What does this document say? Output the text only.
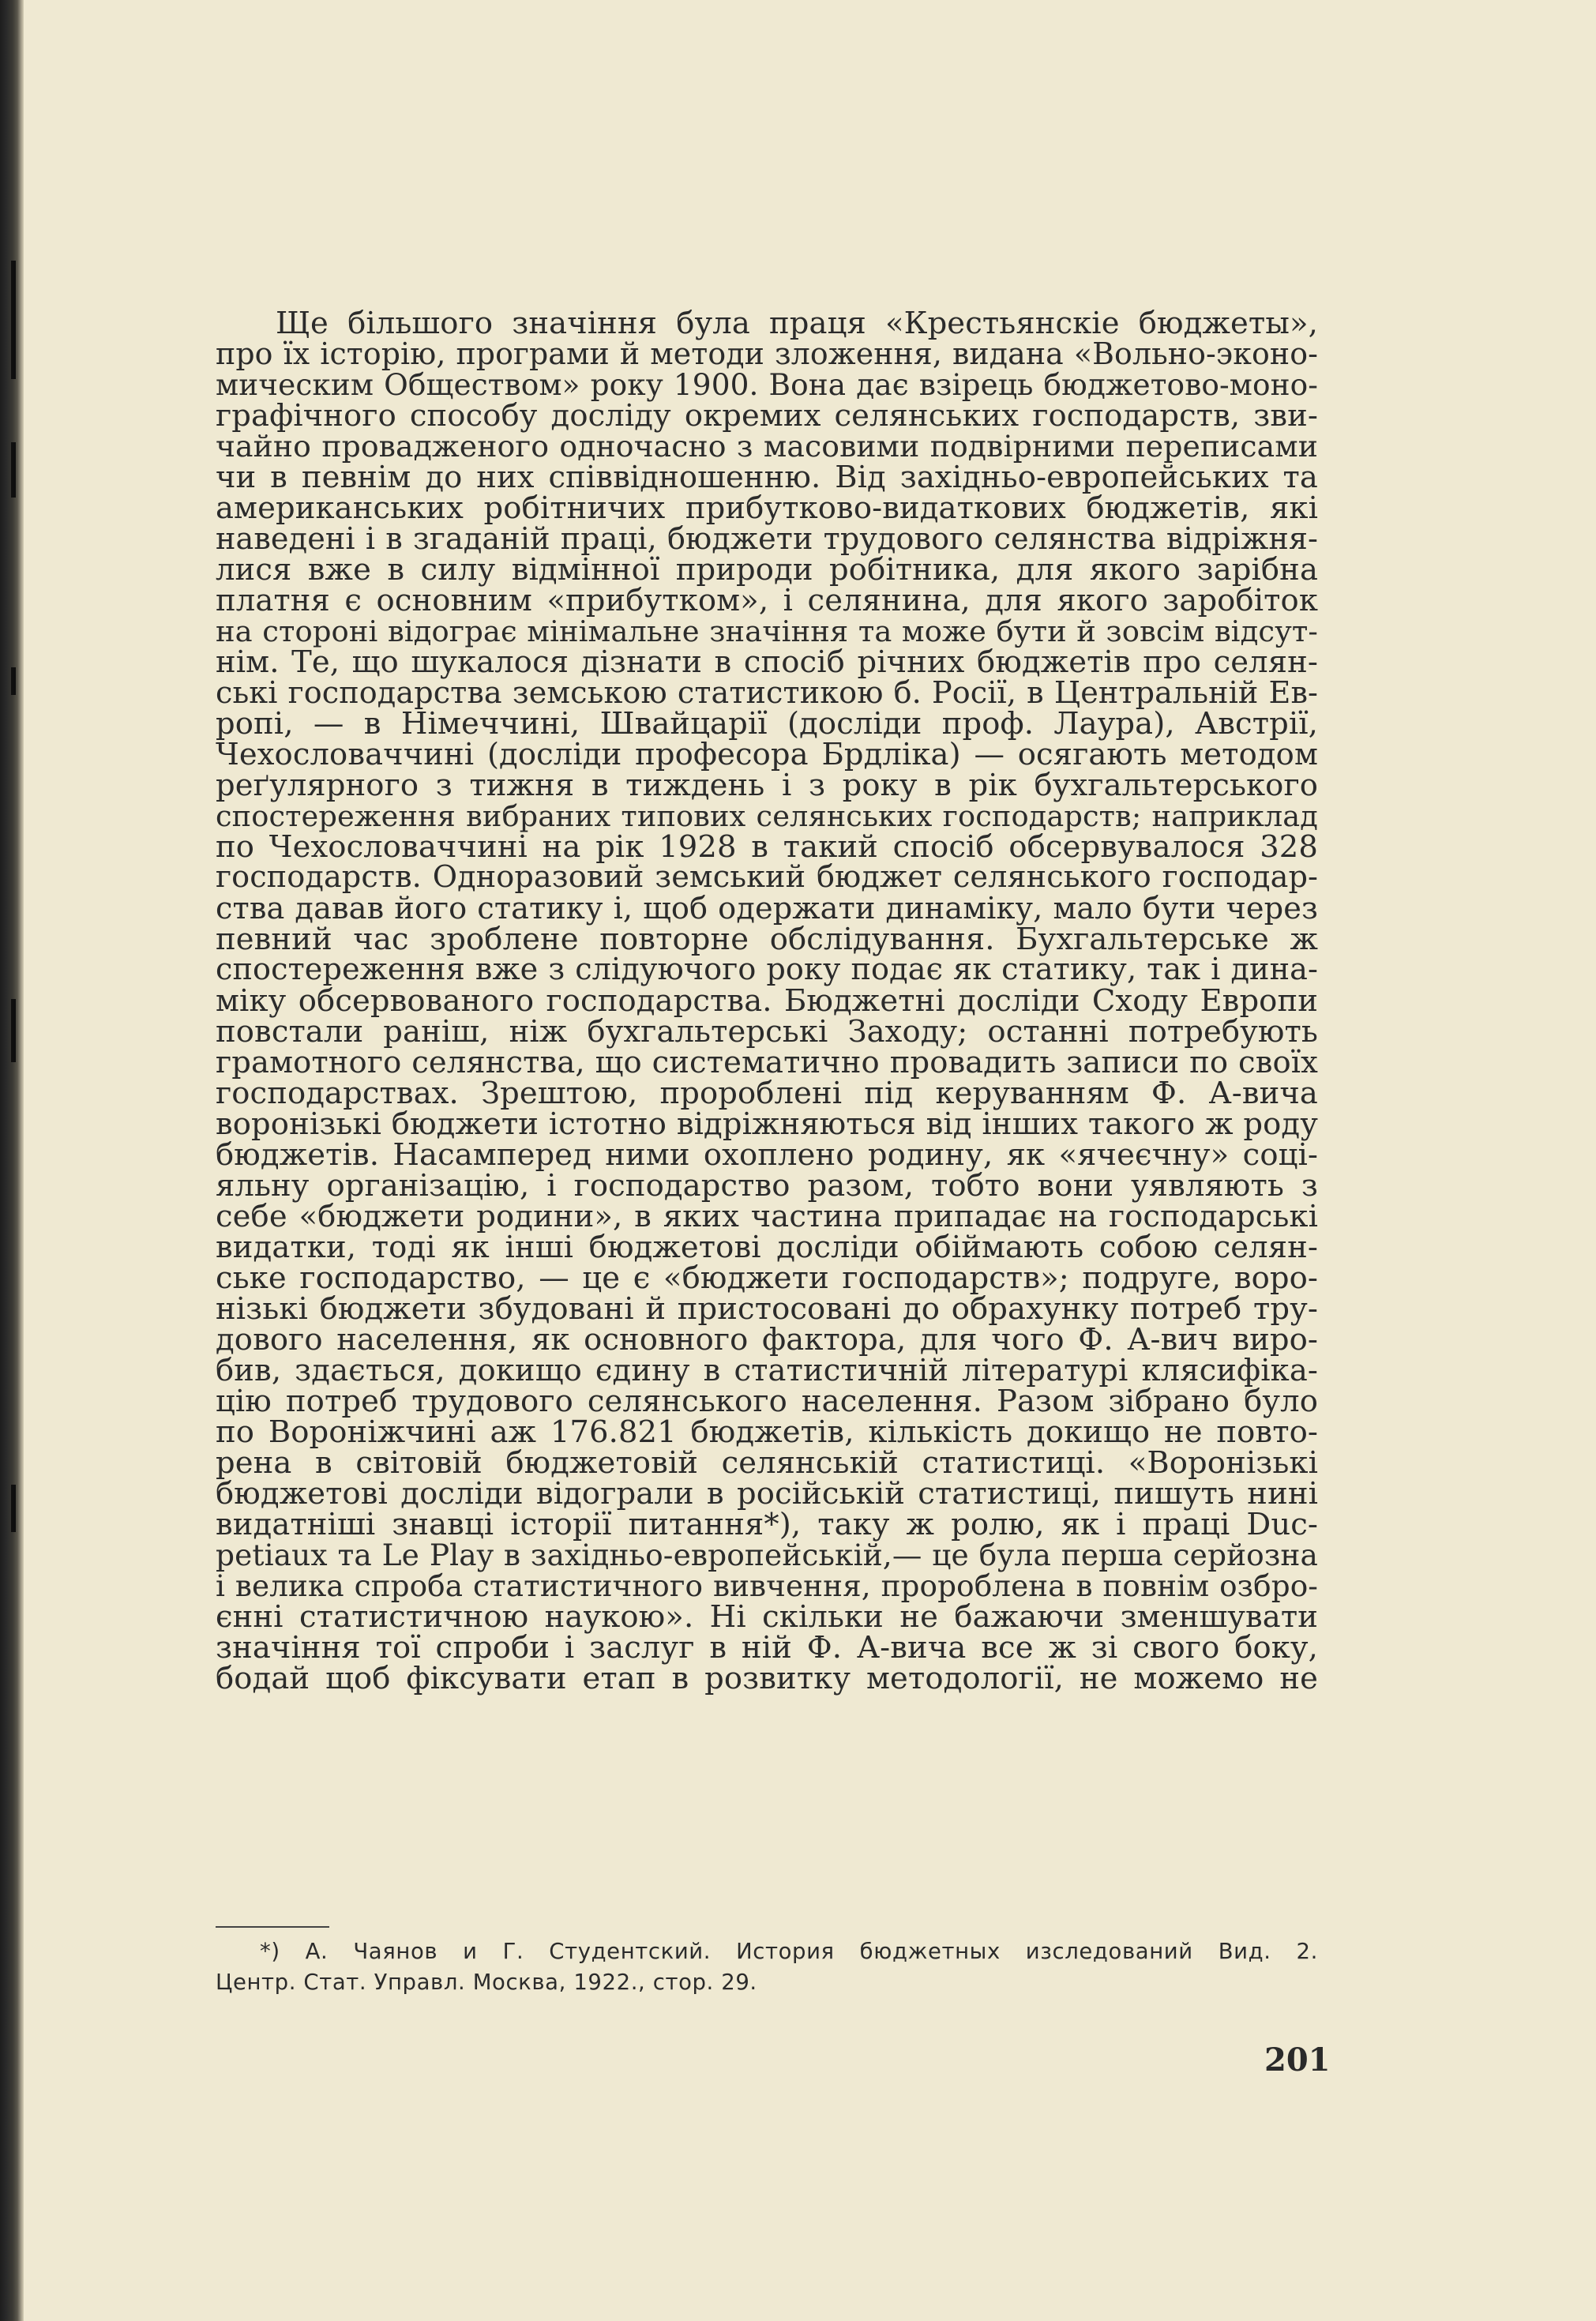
Ще більшого значіння була праця «Крестьянскіе бюджеты»,
про їх історію, програми й методи зложення, видана «Вольно-эконо-
мическим Обществом» року 1900. Вона дає взірець бюджетово-моно-
графічного способу досліду окремих селянських господарств, зви-
чайно провадженого одночасно з масовими подвірними переписами
чи в певнім до них співвідношенню. Від західньо-европейських та
американських робітничих прибутково-видаткових бюджетів, які
наведені і в згаданій праці, бюджети трудового селянства відріжня-
лися вже в силу відмінної природи робітника, для якого зарібна
платня є основним «прибутком», і селянина, для якого заробіток
на стороні відограє мінімальне значіння та може бути й зовсім відсут-
нім. Те, що шукалося дізнати в спосіб річних бюджетів про селян-
ські господарства земською статистикою б. Росії, в Центральній Ев-
ропі, — в Німеччині, Швайцарії (досліди проф. Лаура), Австрії,
Чехословаччині (досліди професора Брдліка) — осягають методом
реґулярного з тижня в тиждень і з року в рік бухгальтерського
спостереження вибраних типових селянських господарств; наприклад
по Чехословаччині на рік 1928 в такий спосіб обсервувалося 328
господарств. Одноразовий земський бюджет селянського господар-
ства давав його статику і, щоб одержати динаміку, мало бути через
певний час зроблене повторне обслідування. Бухгальтерське ж
спостереження вже з слідуючого року подає як статику, так і дина-
міку обсервованого господарства. Бюджетні досліди Сходу Европи
повстали раніш, ніж бухгальтерські Заходу; останні потребують
грамотного селянства, що систематично провадить записи по своїх
господарствах. Зрештою, пророблені під керуванням Ф. А-вича
воронізькі бюджети істотно відріжняються від інших такого ж роду
бюджетів. Насамперед ними охоплено родину, як «ячеєчну» соці-
яльну організацію, і господарство разом, тобто вони уявляють з
себе «бюджети родини», в яких частина припадає на господарські
видатки, тоді як інші бюджетові досліди обіймають собою селян-
ське господарство, — це є «бюджети господарств»; подруге, воро-
нізькі бюджети збудовані й пристосовані до обрахунку потреб тру-
дового населення, як основного фактора, для чого Ф. А-вич виро-
бив, здається, докищо єдину в статистичній літературі клясифіка-
цію потреб трудового селянського населення. Разом зібрано було
по Вороніжчині аж 176.821 бюджетів, кількість докищо не повто-
рена в світовій бюджетовій селянській статистиці. «Воронізькі
бюджетові досліди відограли в російській статистиці, пишуть нині
видатніші знавці історії питання*), таку ж ролю, як і праці Duc-
petiaux та Le Play в західньо-европейській,— це була перша серйозна
і велика спроба статистичного вивчення, пророблена в повнім озбро-
єнні статистичною наукою». Ні скільки не бажаючи зменшувати
значіння тої спроби і заслуг в ній Ф. А-вича все ж зі свого боку,
бодай щоб фіксувати етап в розвитку методології, не можемо не
*) А. Чаянов и Г. Студентский. История бюджетных изследований Вид. 2.
Центр. Стат. Управл. Москва, 1922., стор. 29.
201
